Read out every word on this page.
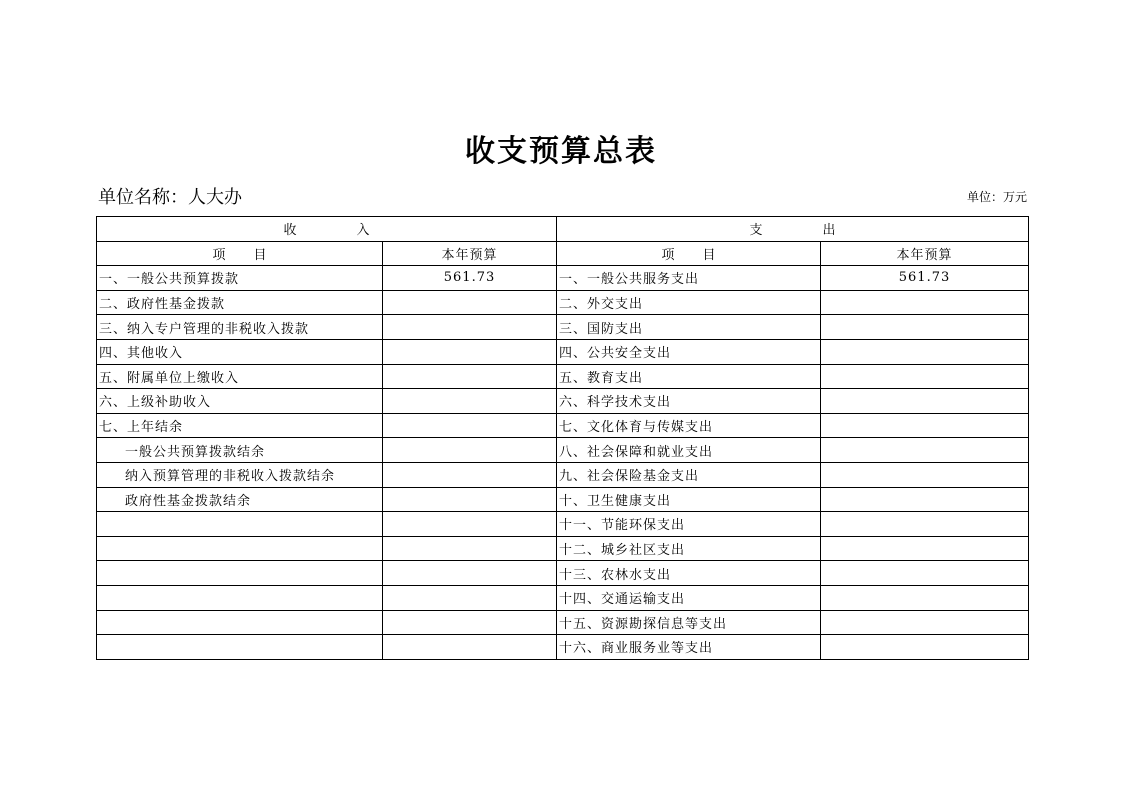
收支预算总表
单位名称：人大办	单位：万元
收入		支出	
项目	本年预算	项目	本年预算
一、一般公共预算拨款	561.73	一、一般公共服务支出	561.73
二、政府性基金拨款		二、外交支出	
三、纳入专户管理的非税收入拨款		三、国防支出	
四、其他收入		四、公共安全支出	
五、附属单位上缴收入		五、教育支出	
六、上级补助收入		六、科学技术支出	
七、上年结余		七、文化体育与传媒支出	
一般公共预算拨款结余		八、社会保障和就业支出	
纳入预算管理的非税收入拨款结余		九、社会保险基金支出	
政府性基金拨款结余		十、卫生健康支出	
		十一、节能环保支出	
		十二、城乡社区支出	
		十三、农林水支出	
		十四、交通运输支出	
		十五、资源勘探信息等支出	
		十六、商业服务业等支出	
